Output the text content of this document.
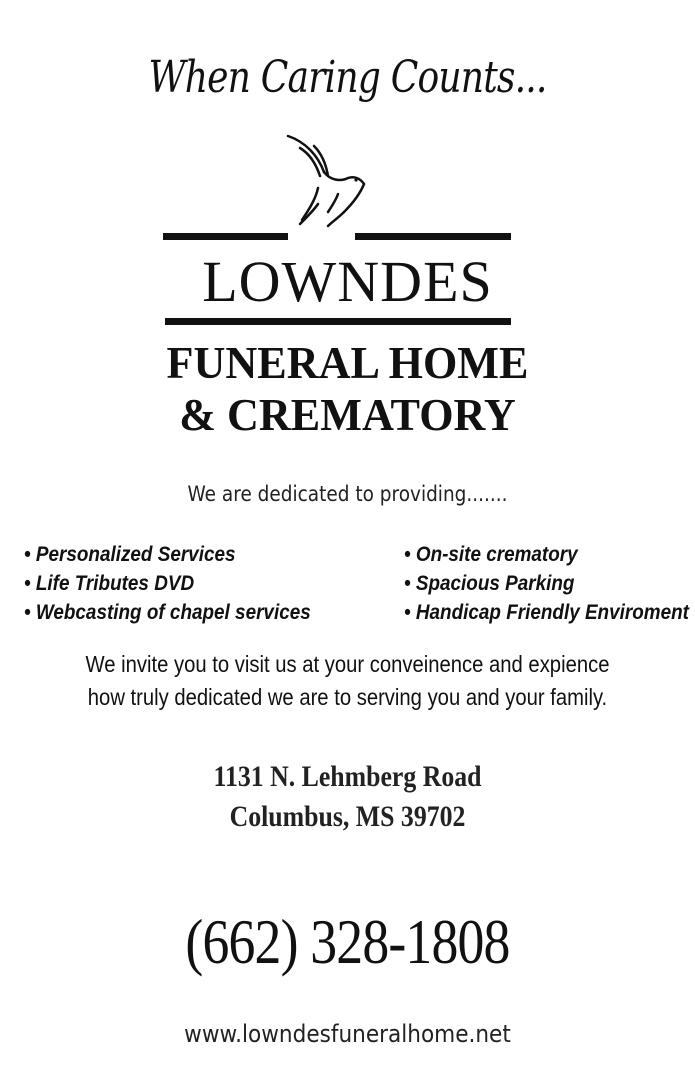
When Caring Counts...
LOWNDES
FUNERAL HOME
& CREMATORY
We are dedicated to providing.......
• Personalized Services
• Life Tributes DVD
• Webcasting of chapel services
• On-site crematory
• Spacious Parking
• Handicap Friendly Enviroment
We invite you to visit us at your conveinence and expience
how truly dedicated we are to serving you and your family.
1131 N. Lehmberg Road
Columbus, MS 39702
(662) 328-1808
www.lowndesfuneralhome.net
